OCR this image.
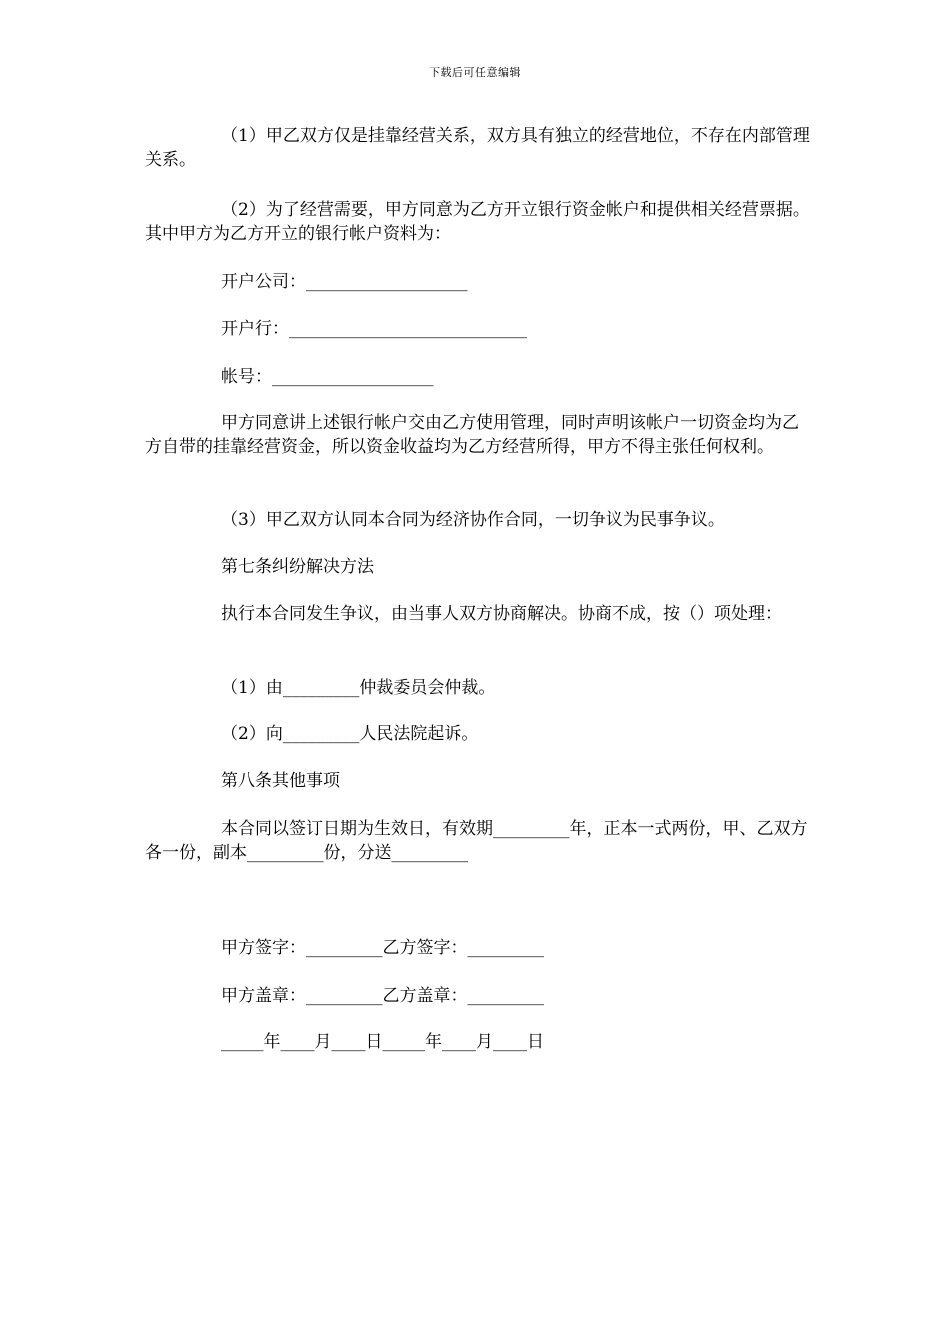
下载后可任意编辑

（1）甲乙双方仅是挂靠经营关系，双方具有独立的经营地位，不存在内部管理关系。

（2）为了经营需要，甲方同意为乙方开立银行资金帐户和提供相关经营票据。其中甲方为乙方开立的银行帐户资料为：

开户公司：___________________
开户行：____________________________
帐号：___________________

甲方同意讲上述银行帐户交由乙方使用管理，同时声明该帐户一切资金均为乙方自带的挂靠经营资金，所以资金收益均为乙方经营所得，甲方不得主张任何权利。

（3）甲乙双方认同本合同为经济协作合同，一切争议为民事争议。

第七条纠纷解决方法

执行本合同发生争议，由当事人双方协商解决。协商不成，按（）项处理：

（1）由_________仲裁委员会仲裁。
（2）向_________人民法院起诉。
第八条其他事项

本合同以签订日期为生效日，有效期_________年，正本一式两份，甲、乙双方各一份，副本_________份，分送_________

甲方签字：_________乙方签字：_________
甲方盖章：_________乙方盖章：_________
_____年____月____日_____年____月____日
